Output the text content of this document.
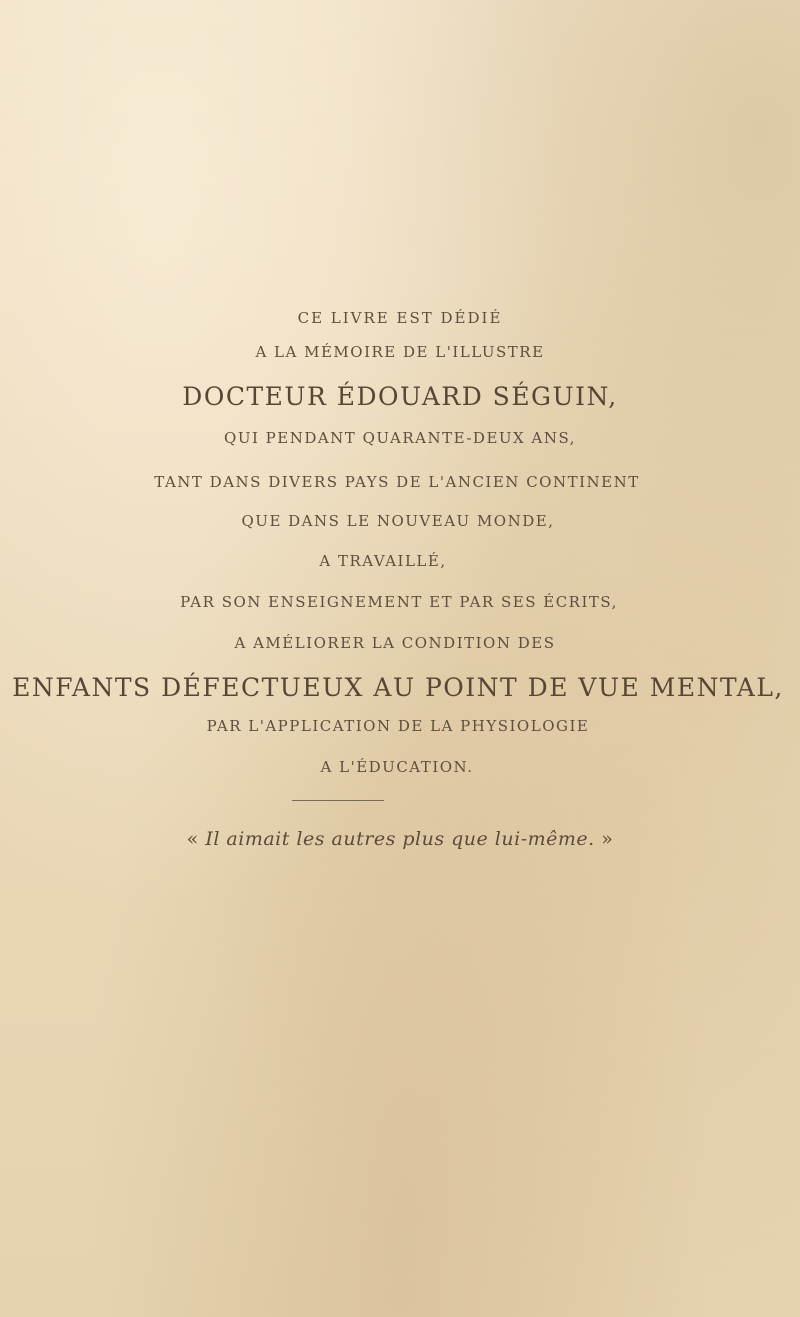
CE LIVRE EST DÉDIÉ
A LA MÉMOIRE DE L'ILLUSTRE
DOCTEUR ÉDOUARD SÉGUIN,
QUI PENDANT QUARANTE-DEUX ANS,
TANT DANS DIVERS PAYS DE L'ANCIEN CONTINENT
QUE DANS LE NOUVEAU MONDE,
A TRAVAILLÉ,
PAR SON ENSEIGNEMENT ET PAR SES ÉCRITS,
A AMÉLIORER LA CONDITION DES
ENFANTS DÉFECTUEUX AU POINT DE VUE MENTAL,
PAR L'APPLICATION DE LA PHYSIOLOGIE
A L'ÉDUCATION.
« Il aimait les autres plus que lui-même. »
